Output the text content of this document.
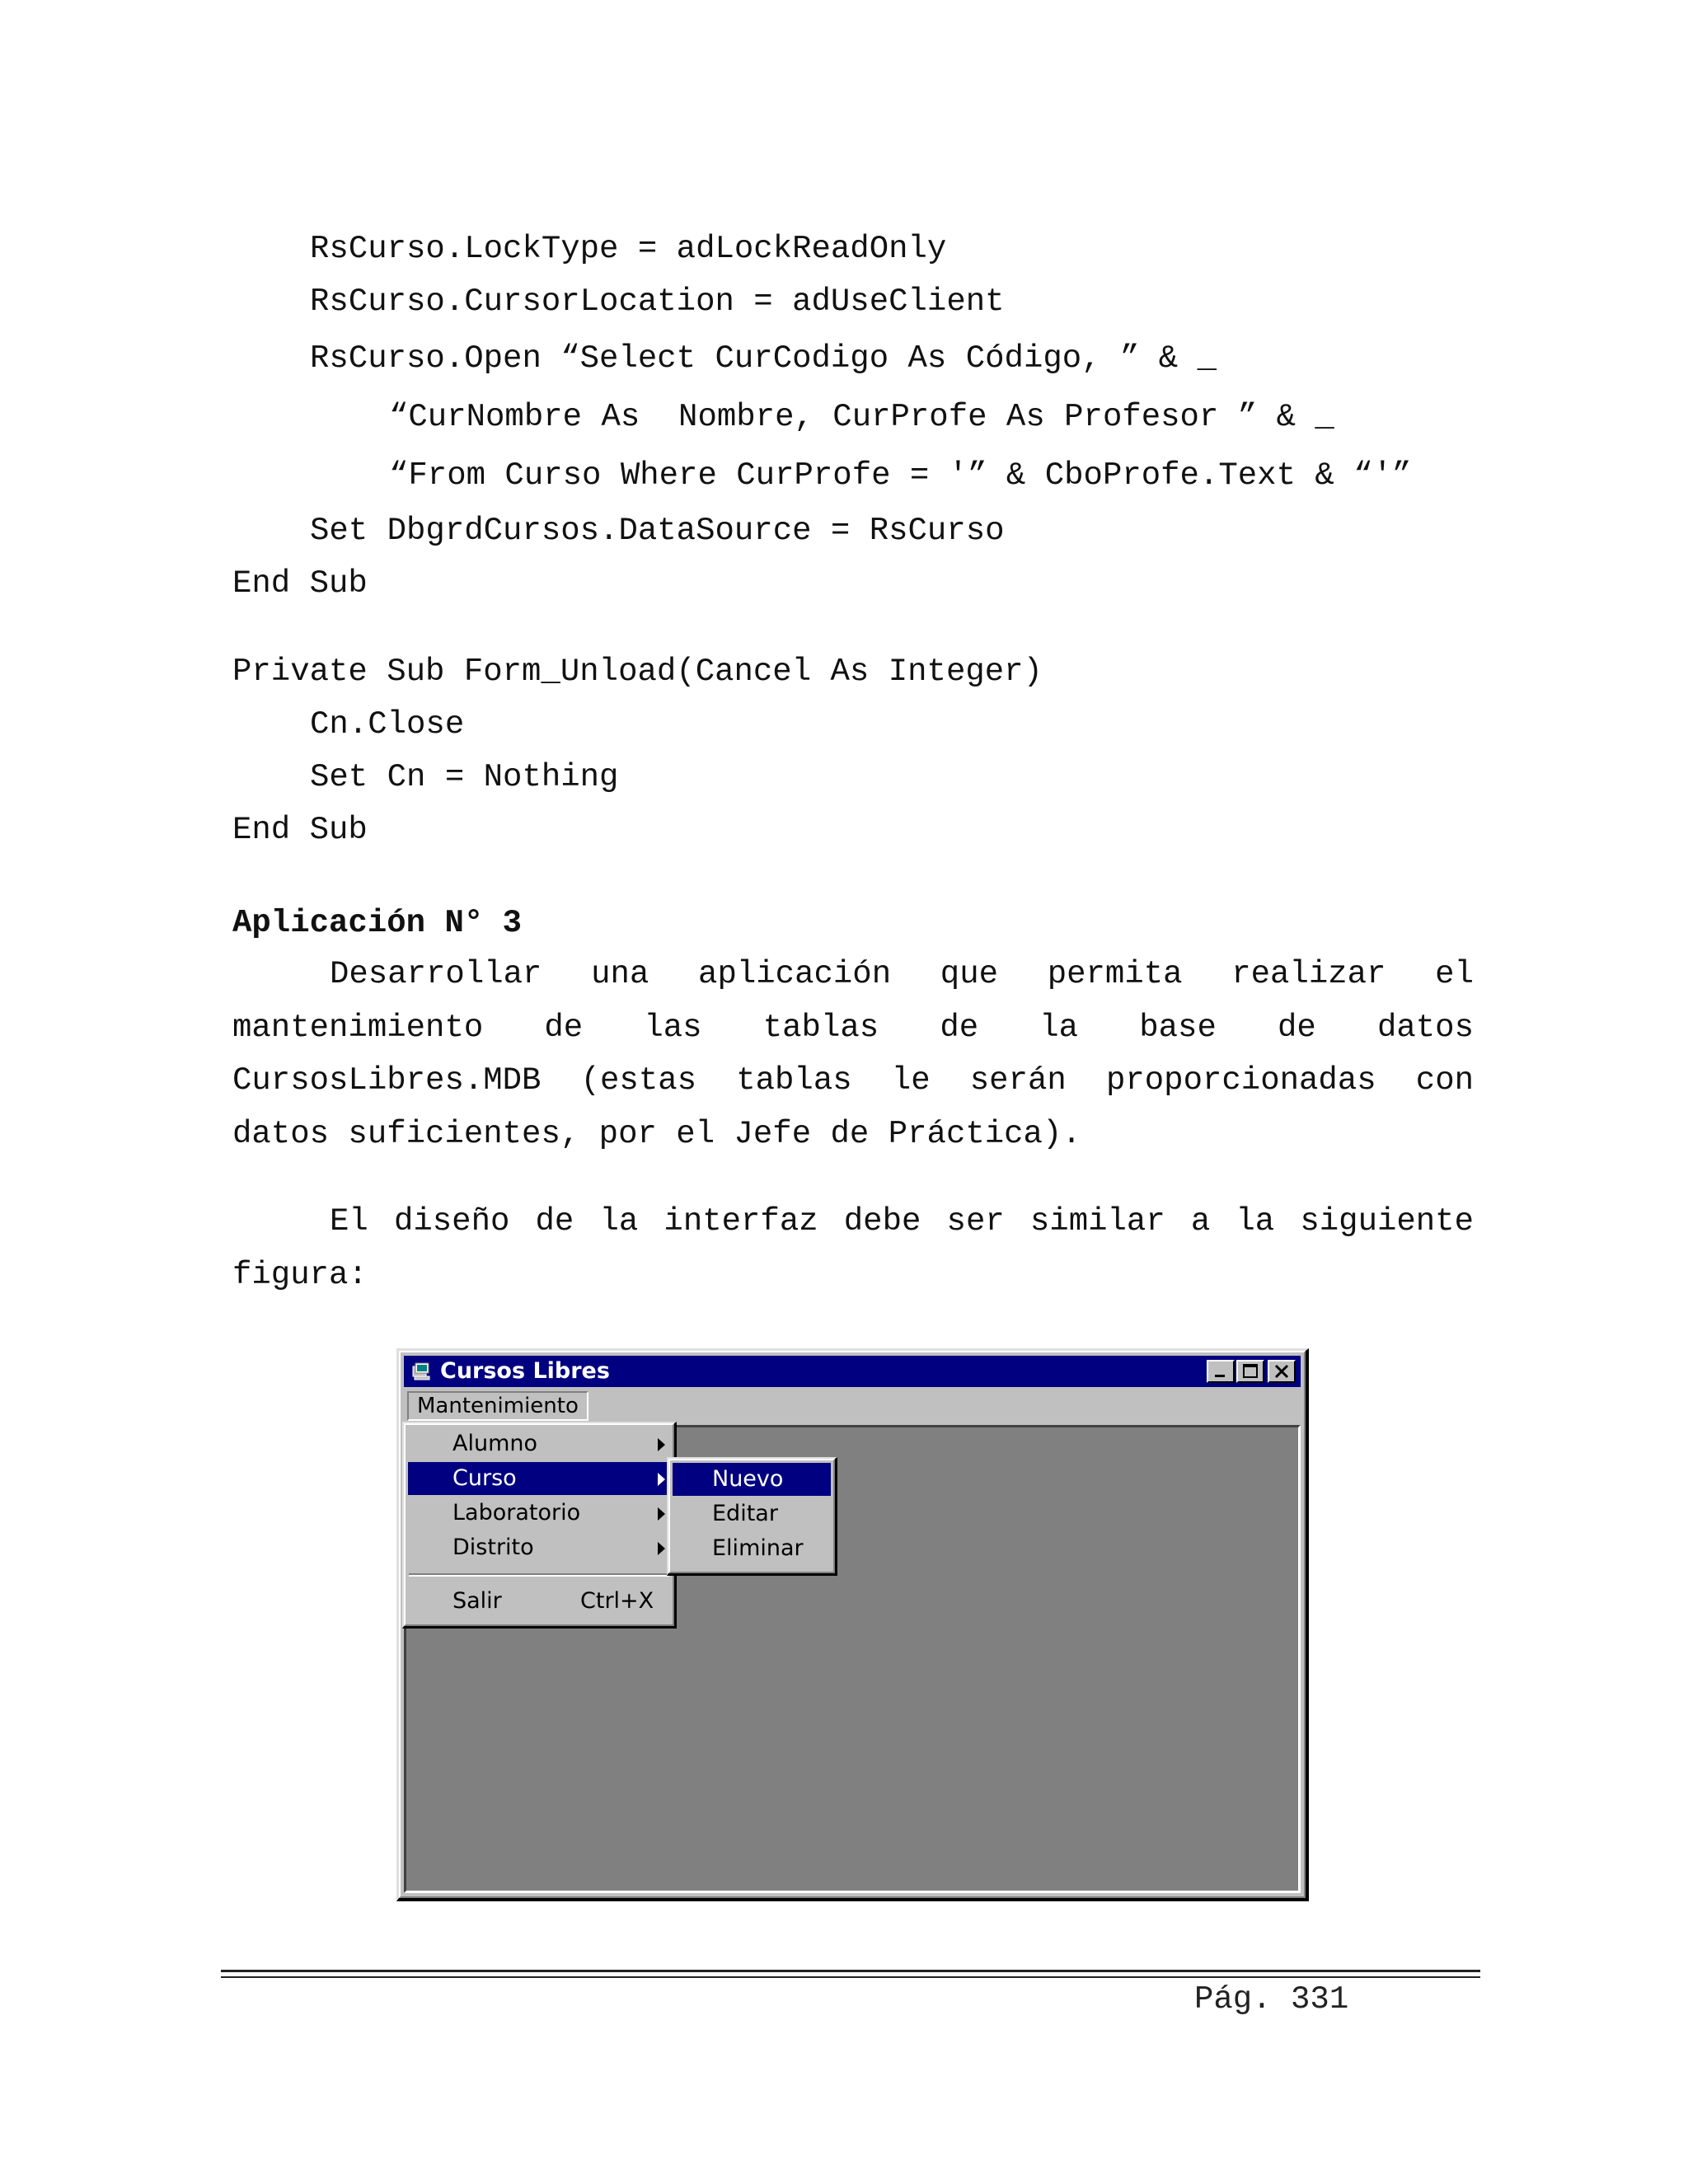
RsCurso.LockType = adLockReadOnly
RsCurso.CursorLocation = adUseClient
RsCurso.Open “Select CurCodigo As Código, ” & _
“CurNombre As  Nombre, CurProfe As Profesor ” & _
“From Curso Where CurProfe = '” & CboProfe.Text & “'”
Set DbgrdCursos.DataSource = RsCurso
End Sub
Private Sub Form_Unload(Cancel As Integer)
Cn.Close
Set Cn = Nothing
End Sub
Aplicación N° 3
Desarrollar una aplicación que permita realizar el
mantenimiento de las tablas de la base de datos
CursosLibres.MDB (estas tablas le serán proporcionadas con
datos suficientes, por el Jefe de Práctica).
El diseño de la interfaz debe ser similar a la siguiente
figura:
Cursos Libres
Mantenimiento
Alumno
Curso
Laboratorio
Distrito
Salir	Ctrl+X
Nuevo
Editar
Eliminar
Pág. 331
